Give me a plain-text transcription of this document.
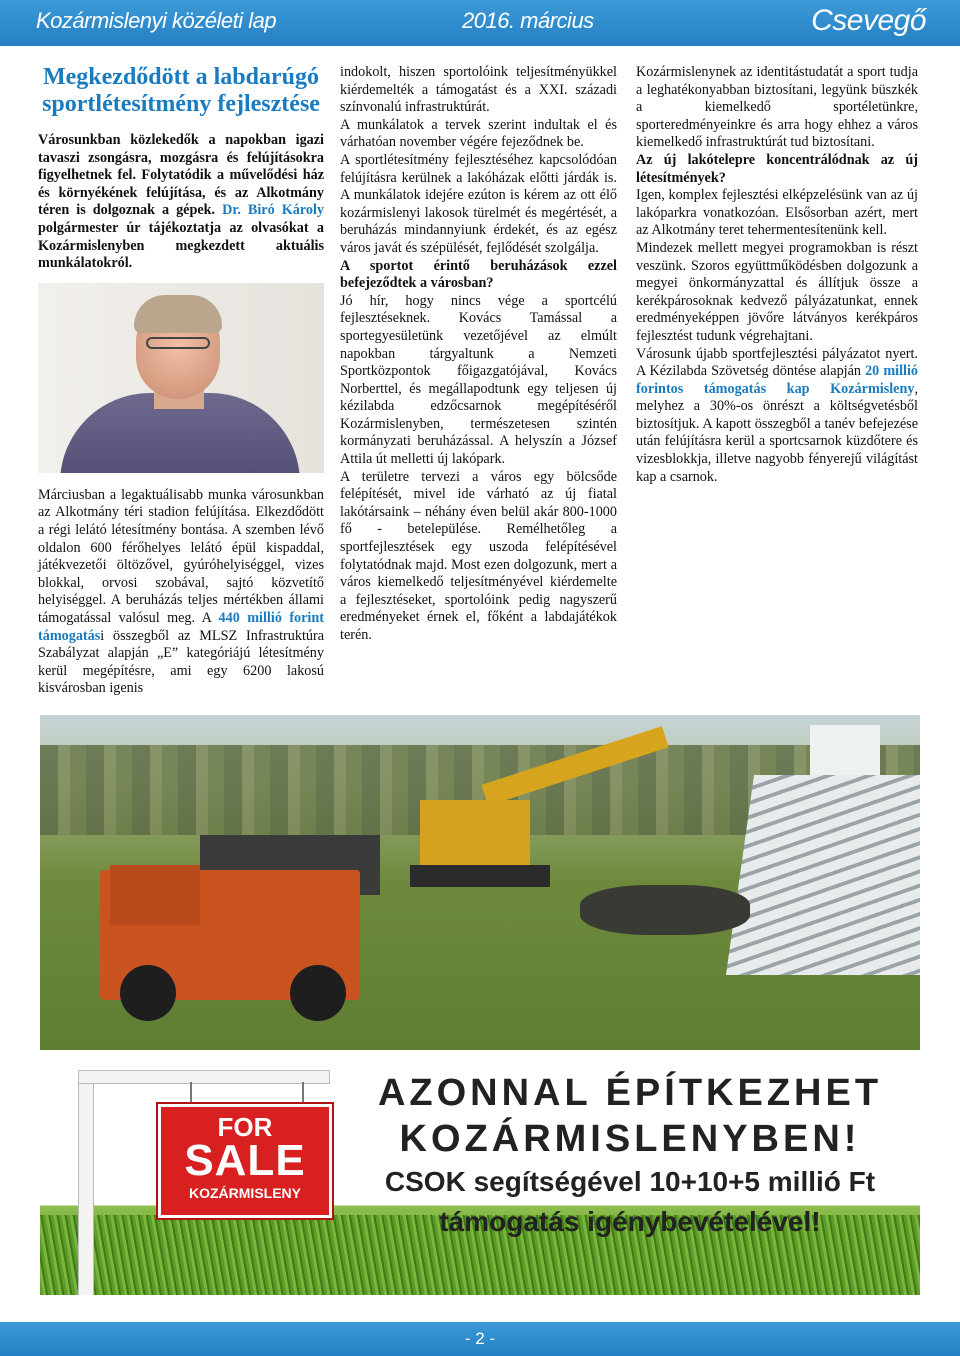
Kozármislenyi közéleti lap	2016. március	Csevegő
Megkezdődött a labdarúgó sportlétesítmény fejlesztése

Városunkban közlekedők a napokban igazi tavaszi zsongásra, mozgásra és felújításokra figyelhetnek fel. Folytatódik a művelődési ház és környékének felújítása, és az Alkotmány téren is dolgoznak a gépek. Dr. Biró Károly polgármester úr tájékoztatja az olvasókat a Kozármislenyben megkezdett aktuális munkálatokról.

Márciusban a legaktuálisabb munka városunkban az Alkotmány téri stadion felújítása. Elkezdődött a régi lelátó létesítmény bontása. A szemben lévő oldalon 600 férőhelyes lelátó épül kispaddal, játékvezetői öltözővel, gyúróhelyiséggel, vizes blokkal, orvosi szobával, sajtó közvetítő helyiséggel. A beruházás teljes mértékben állami támogatással valósul meg. A 440 millió forint támogatási összegből az MLSZ Infrastruktúra Szabályzat alapján „E” kategóriájú létesítmény kerül megépítésre, ami egy 6200 lakosú kisvárosban igenis

indokolt, hiszen sportolóink teljesítményükkel kiérdemelték a támogatást és a XXI. századi színvonalú infrastruktúrát.

A munkálatok a tervek szerint indultak el és várhatóan november végére fejeződnek be.

A sportlétesítmény fejlesztéséhez kapcsolódóan felújításra kerülnek a lakóházak előtti járdák is. A munkálatok idejére ezúton is kérem az ott élő kozármislenyi lakosok türelmét és megértését, a beruházás mindannyiunk érdekét, és az egész város javát és szépülését, fejlődését szolgálja.

A sportot érintő beruházások ezzel befejeződtek a városban?

Jó hír, hogy nincs vége a sportcélú fejlesztéseknek. Kovács Tamással a sportegyesületünk vezetőjével az elmúlt napokban tárgyaltunk a Nemzeti Sportközpontok főigazgatójával, Kovács Norberttel, és megállapodtunk egy teljesen új kézilabda edzőcsarnok megépítéséről Kozármislenyben, természetesen szintén kormányzati beruházással. A helyszín a József Attila út melletti új lakópark.

A területre tervezi a város egy bölcsőde felépítését, mivel ide várható az új fiatal lakótársaink – néhány éven belül akár 800-1000 fő - betelepülése. Remélhetőleg a sportfejlesztések egy uszoda felépítésével folytatódnak majd. Most ezen dolgozunk, mert a város kiemelkedő teljesítményével kiérdemelte a fejlesztéseket, sportolóink pedig nagyszerű eredményeket érnek el, főként a labdajátékok terén.

Kozármislenynek az identitástudatát a sport tudja a leghatékonyabban biztosítani, legyünk büszkék a kiemelkedő sportéletünkre, sporteredményeinkre és arra hogy ehhez a város kiemelkedő infrastruktúrát tud biztosítani.

Az új lakótelepre koncentrálódnak az új létesítmények?

Igen, komplex fejlesztési elképzelésünk van az új lakóparkra vonatkozóan. Elsősorban azért, mert az Alkotmány teret tehermentesítenünk kell.

Mindezek mellett megyei programokban is részt veszünk. Szoros együttműködésben dolgozunk a megyei önkormányzattal és állítjuk össze a kerékpárosoknak kedvező pályázatunkat, ennek eredményeképpen jövőre látványos kerékpáros fejlesztést tudunk végrehajtani.

Városunk újabb sportfejlesztési pályázatot nyert. A Kézilabda Szövetség döntése alapján 20 millió forintos támogatás kap Kozármisleny, melyhez a 30%-os önrészt a költségvetésből biztosítjuk. A kapott összegből a tanév befejezése után felújításra kerül a sportcsarnok küzdőtere és vizesblokkja, illetve nagyobb fényerejű világítást kap a csarnok.

FOR
SALE
KOZÁRMISLENY
AZONNAL ÉPÍTKEZHET
KOZÁRMISLENYBEN!
CSOK segítségével 10+10+5 millió Ft
támogatás igénybevételével!
- 2 -
